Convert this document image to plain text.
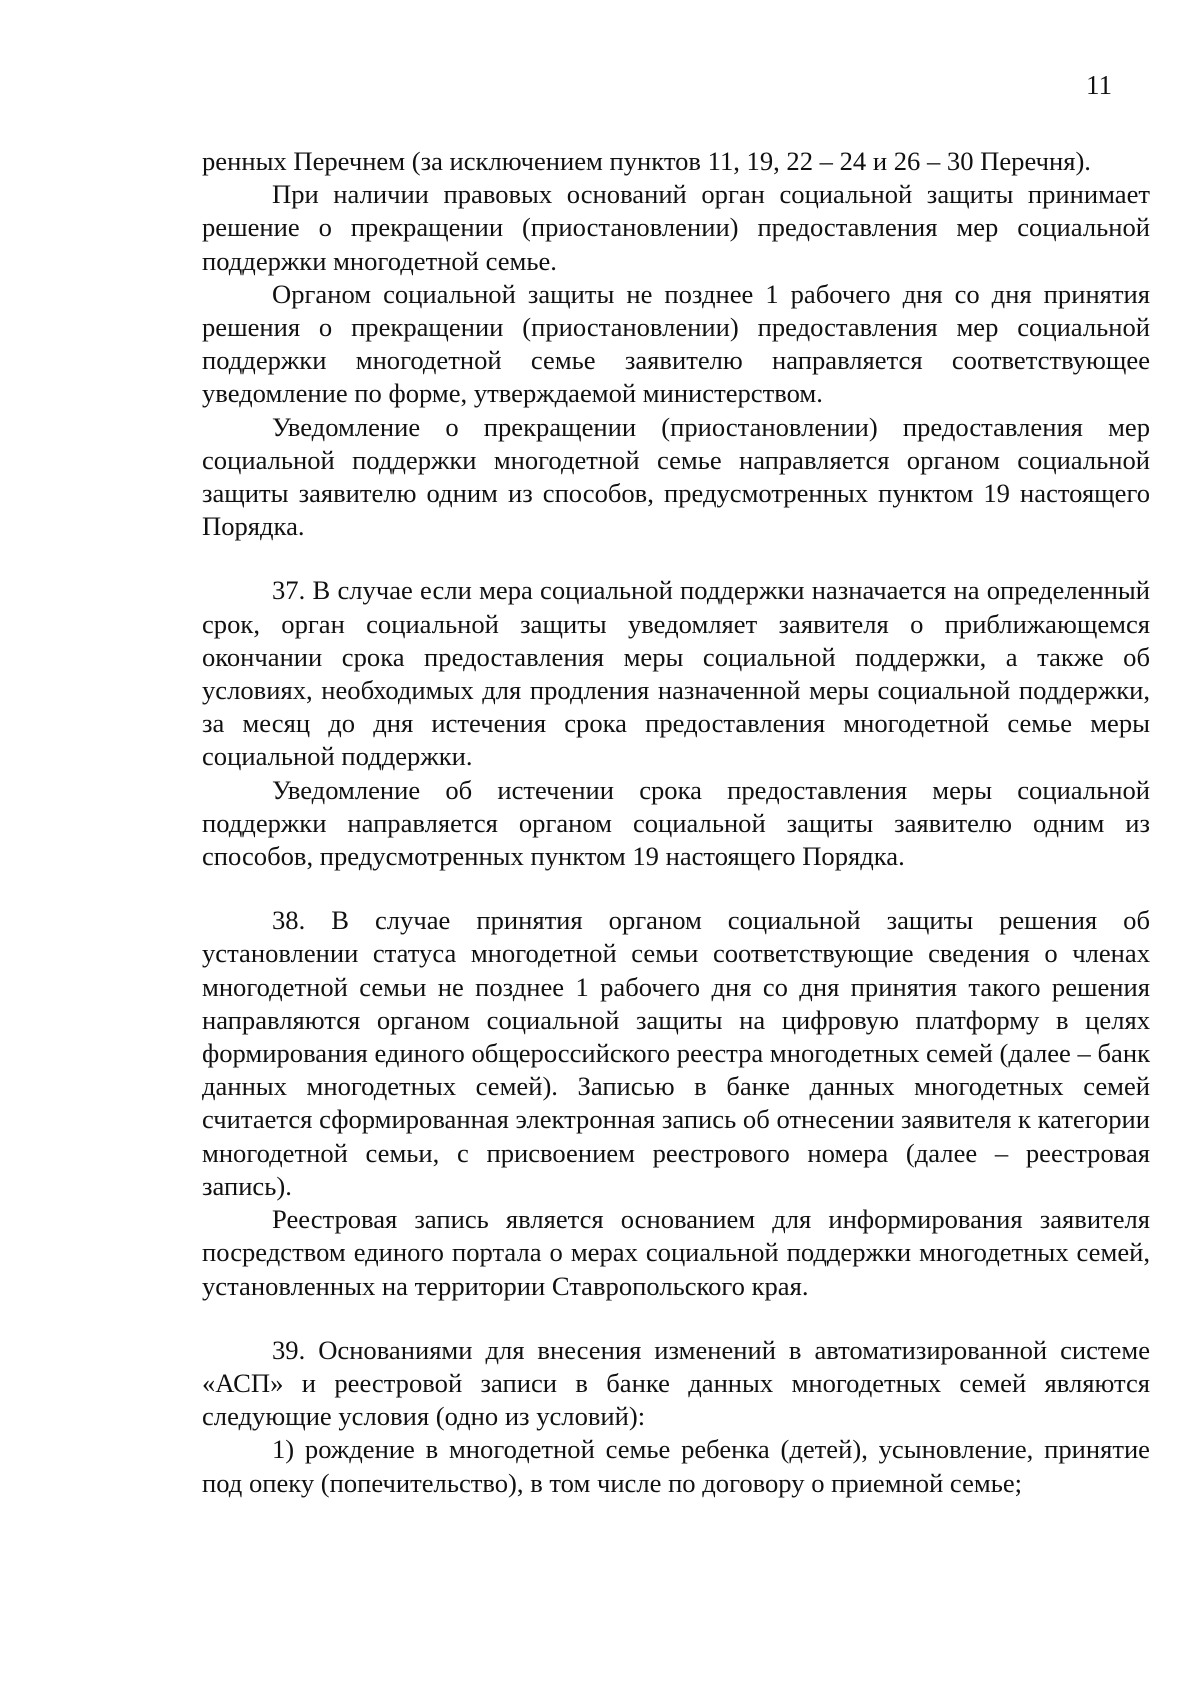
11

ренных Перечнем (за исключением пунктов 11, 19, 22 – 24 и 26 – 30 Перечня).

При наличии правовых оснований орган социальной защиты принимает решение о прекращении (приостановлении) предоставления мер социальной поддержки многодетной семье.

Органом социальной защиты не позднее 1 рабочего дня со дня принятия решения о прекращении (приостановлении) предоставления мер социальной поддержки многодетной семье заявителю направляется соответствующее уведомление по форме, утверждаемой министерством.

Уведомление о прекращении (приостановлении) предоставления мер социальной поддержки многодетной семье направляется органом социальной защиты заявителю одним из способов, предусмотренных пунктом 19 настоящего Порядка.

37. В случае если мера социальной поддержки назначается на определенный срок, орган социальной защиты уведомляет заявителя о приближающемся окончании срока предоставления меры социальной поддержки, а также об условиях, необходимых для продления назначенной меры социальной поддержки, за месяц до дня истечения срока предоставления многодетной семье меры социальной поддержки.

Уведомление об истечении срока предоставления меры социальной поддержки направляется органом социальной защиты заявителю одним из способов, предусмотренных пунктом 19 настоящего Порядка.

38. В случае принятия органом социальной защиты решения об установлении статуса многодетной семьи соответствующие сведения о членах многодетной семьи не позднее 1 рабочего дня со дня принятия такого решения направляются органом социальной защиты на цифровую платформу в целях формирования единого общероссийского реестра многодетных семей (далее – банк данных многодетных семей). Записью в банке данных многодетных семей считается сформированная электронная запись об отнесении заявителя к категории многодетной семьи, с присвоением реестрового номера (далее – реестровая запись).

Реестровая запись является основанием для информирования заявителя посредством единого портала о мерах социальной поддержки многодетных семей, установленных на территории Ставропольского края.

39. Основаниями для внесения изменений в автоматизированной системе «АСП» и реестровой записи в банке данных многодетных семей являются следующие условия (одно из условий):

1) рождение в многодетной семье ребенка (детей), усыновление, принятие под опеку (попечительство), в том числе по договору о приемной семье;
